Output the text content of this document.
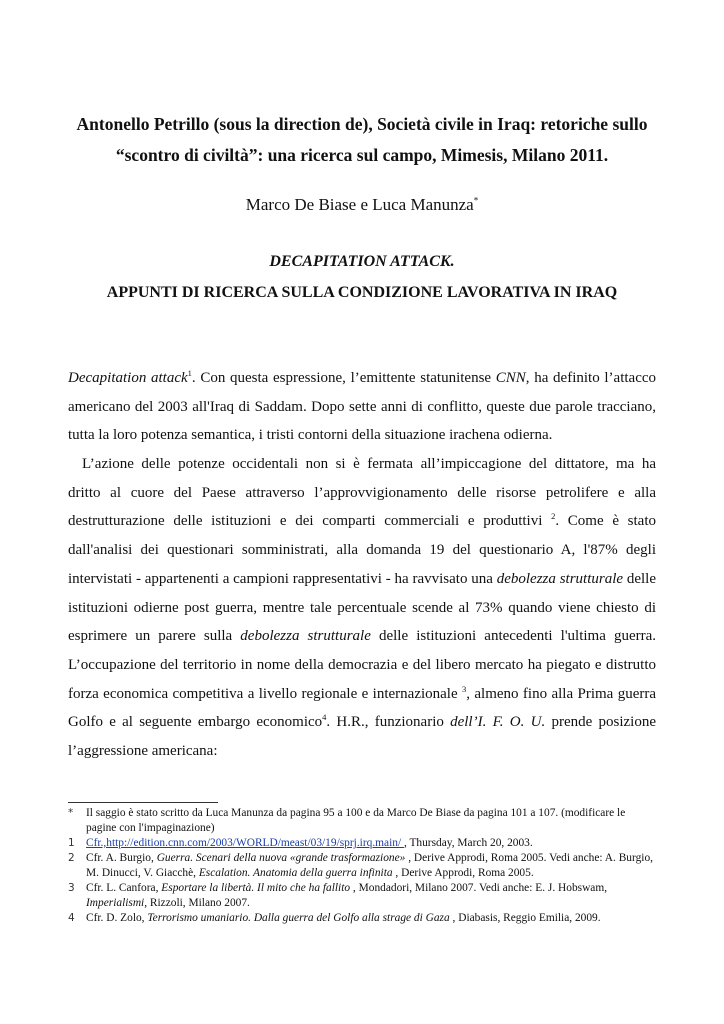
Antonello Petrillo (sous la direction de), Società civile in Iraq: retoriche sullo
“scontro di civiltà”: una ricerca sul campo, Mimesis, Milano 2011.
Marco De Biase e Luca Manunza*
DECAPITATION ATTACK.
APPUNTI DI RICERCA SULLA CONDIZIONE LAVORATIVA IN IRAQ
Decapitation attack$^1$. Con questa espressione, l’emittente statunitense CNN, ha definito l’attacco
americano del 2003 all'Iraq di Saddam. Dopo sette anni di conflitto, queste due parole tracciano,
tutta la loro potenza semantica, i tristi contorni della situazione irachena odierna.
L’azione delle potenze occidentali non si è fermata all’impiccagione del dittatore, ma ha
dritto al cuore del Paese attraverso l’approvvigionamento delle risorse petrolifere e alla
destrutturazione delle istituzioni e dei comparti commerciali e produttivi $^2$. Come è stato
dall'analisi dei questionari somministrati, alla domanda 19 del questionario A, l'87% degli
intervistati - appartenenti a campioni rappresentativi - ha ravvisato una debolezza strutturale delle
istituzioni odierne post guerra, mentre tale percentuale scende al 73% quando viene chiesto di
esprimere un parere sulla debolezza strutturale delle istituzioni antecedenti l'ultima guerra.
L’occupazione del territorio in nome della democrazia e del libero mercato ha piegato e distrutto
forza economica competitiva a livello regionale e internazionale $^3$, almeno fino alla Prima guerra
Golfo e al seguente embargo economico$^4$. H.R., funzionario dell’I. F. O. U. prende posizione
l’aggressione americana:
* Il saggio è stato scritto da Luca Manunza da pagina 95 a 100 e da Marco De Biase da pagina 101 a 107. (modificare le pagine con l'impaginazione)
1 Cfr.,http://edition.cnn.com/2003/WORLD/meast/03/19/sprj.irq.main/ , Thursday, March 20, 2003.
2 Cfr. A. Burgio, Guerra. Scenari della nuova «grande trasformazione» , Derive Approdi, Roma 2005. Vedi anche: A. Burgio, M. Dinucci, V. Giacchè, Escalation. Anatomia della guerra infinita , Derive Approdi, Roma 2005.
3 Cfr. L. Canfora, Esportare la libertà. Il mito che ha fallito , Mondadori, Milano 2007. Vedi anche: E. J. Hobswam, Imperialismi, Rizzoli, Milano 2007.
4 Cfr. D. Zolo, Terrorismo umaniario. Dalla guerra del Golfo alla strage di Gaza , Diabasis, Reggio Emilia, 2009.
